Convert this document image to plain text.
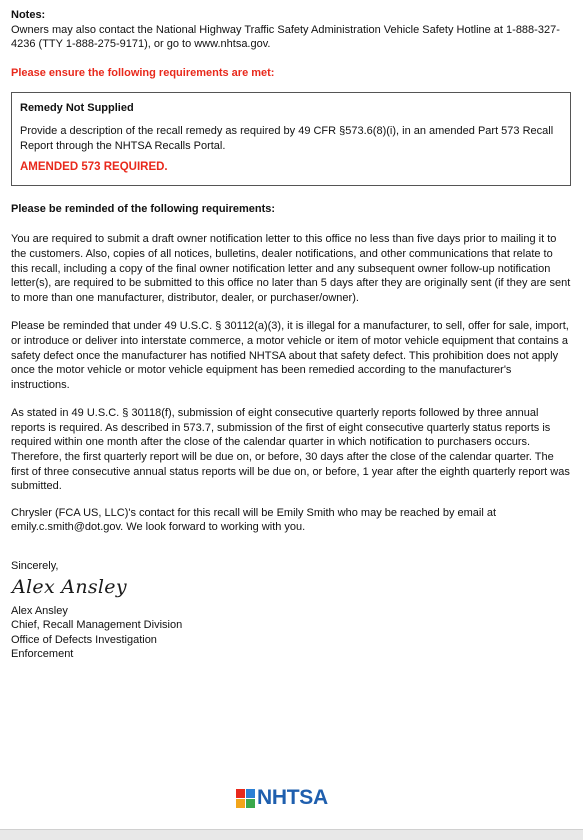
Notes:

Owners may also contact the National Highway Traffic Safety Administration Vehicle Safety Hotline at 1-888-327-4236 (TTY 1-888-275-9171), or go to www.nhtsa.gov.

Please ensure the following requirements are met:

Remedy Not Supplied

Provide a description of the recall remedy as required by 49 CFR §573.6(8)(i), in an amended Part 573 Recall Report through the NHTSA Recalls Portal.

AMENDED 573 REQUIRED.

Please be reminded of the following requirements:

You are required to submit a draft owner notification letter to this office no less than five days prior to mailing it to the customers. Also, copies of all notices, bulletins, dealer notifications, and other communications that relate to this recall, including a copy of the final owner notification letter and any subsequent owner follow-up notification letter(s), are required to be submitted to this office no later than 5 days after they are originally sent (if they are sent to more than one manufacturer, distributor, dealer, or purchaser/owner).

Please be reminded that under 49 U.S.C. § 30112(a)(3), it is illegal for a manufacturer, to sell, offer for sale, import, or introduce or deliver into interstate commerce, a motor vehicle or item of motor vehicle equipment that contains a safety defect once the manufacturer has notified NHTSA about that safety defect. This prohibition does not apply once the motor vehicle or motor vehicle equipment has been remedied according to the manufacturer's instructions.

As stated in 49 U.S.C. § 30118(f), submission of eight consecutive quarterly reports followed by three annual reports is required. As described in 573.7, submission of the first of eight consecutive quarterly status reports is required within one month after the close of the calendar quarter in which notification to purchasers occurs. Therefore, the first quarterly report will be due on, or before, 30 days after the close of the calendar quarter. The first of three consecutive annual status reports will be due on, or before, 1 year after the eighth quarterly report was submitted.

Chrysler (FCA US, LLC)'s contact for this recall will be Emily Smith who may be reached by email at emily.c.smith@dot.gov. We look forward to working with you.

Sincerely,

Alex Ansley

Alex Ansley

Chief, Recall Management Division

Office of Defects Investigation

Enforcement

NHTSA
